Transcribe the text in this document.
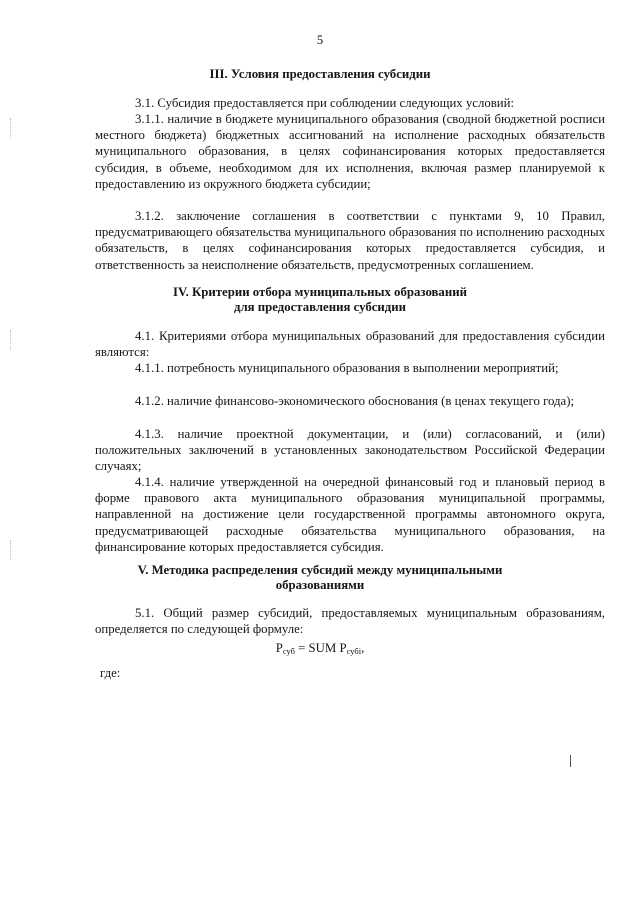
5
III. Условия предоставления субсидии
3.1. Субсидия предоставляется при соблюдении следующих условий:
3.1.1. наличие в бюджете муниципального образования (сводной бюджетной росписи местного бюджета) бюджетных ассигнований на исполнение расходных обязательств муниципального образования, в целях софинансирования которых предоставляется субсидия, в объеме, необходимом для их исполнения, включая размер планируемой к предоставлению из окружного бюджета субсидии;
3.1.2. заключение соглашения в соответствии с пунктами 9, 10 Правил, предусматривающего обязательства муниципального образования по исполнению расходных обязательств, в целях софинансирования которых предоставляется субсидия, и ответственность за неисполнение обязательств, предусмотренных соглашением.
IV. Критерии отбора муниципальных образований
для предоставления субсидии
4.1. Критериями отбора муниципальных образований для предоставления субсидии являются:
4.1.1. потребность муниципального образования в выполнении мероприятий;
4.1.2. наличие финансово-экономического обоснования (в ценах текущего года);
4.1.3. наличие проектной документации, и (или) согласований, и (или) положительных заключений в установленных законодательством Российской Федерации случаях;
4.1.4. наличие утвержденной на очередной финансовый год и плановый период в форме правового акта муниципального образования муниципальной программы, направленной на достижение цели государственной программы автономного округа, предусматривающей расходные обязательства муниципального образования, на финансирование которых предоставляется субсидия.
V. Методика распределения субсидий между муниципальными
образованиями
5.1. Общий размер субсидий, предоставляемых муниципальным образованиям, определяется по следующей формуле:
$P_{суб}$ = SUM $P_{субi}$,
где:
